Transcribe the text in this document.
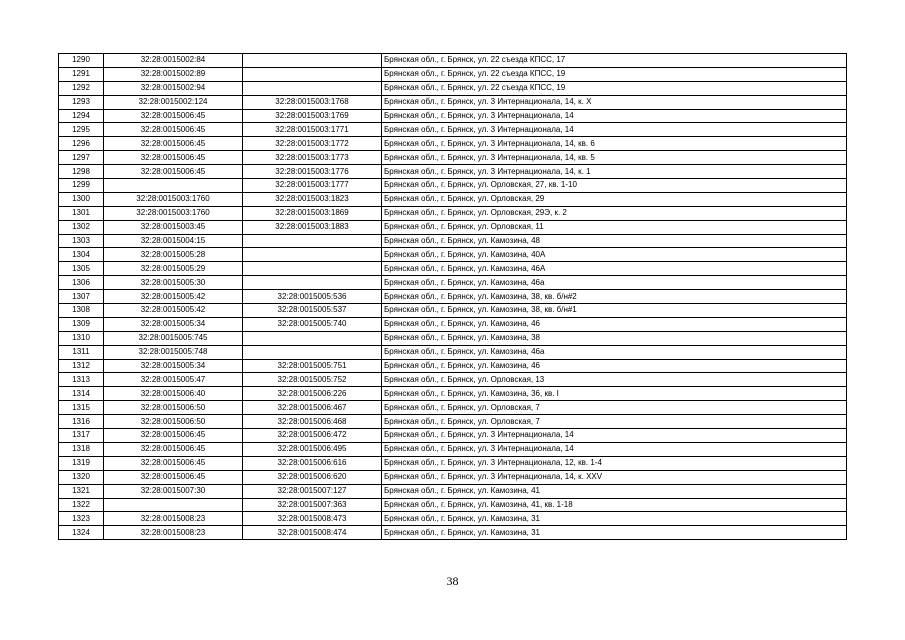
1290	32:28:0015002:84		Брянская обл., г. Брянск, ул. 22 съезда КПСС, 17
1291	32:28:0015002:89		Брянская обл., г. Брянск, ул. 22 съезда КПСС, 19
1292	32:28:0015002:94		Брянская обл., г. Брянск, ул. 22 съезда КПСС, 19
1293	32:28:0015002:124	32:28:0015003:1768	Брянская обл., г. Брянск, ул. 3 Интернационала, 14, к. Х
1294	32:28:0015006:45	32:28:0015003:1769	Брянская обл., г. Брянск, ул. 3 Интернационала, 14
1295	32:28:0015006:45	32:28:0015003:1771	Брянская обл., г. Брянск, ул. 3 Интернационала, 14
1296	32:28:0015006:45	32:28:0015003:1772	Брянская обл., г. Брянск, ул. 3 Интернационала, 14, кв. 6
1297	32:28:0015006:45	32:28:0015003:1773	Брянская обл., г. Брянск, ул. 3 Интернационала, 14, кв. 5
1298	32:28:0015006:45	32:28:0015003:1776	Брянская обл., г. Брянск, ул. 3 Интернационала, 14, к. 1
1299		32:28:0015003:1777	Брянская обл., г. Брянск, ул. Орловская, 27, кв. 1-10
1300	32:28:0015003:1760	32:28:0015003:1823	Брянская обл., г. Брянск, ул. Орловская, 29
1301	32:28:0015003:1760	32:28:0015003:1869	Брянская обл., г. Брянск, ул. Орловская, 29Э, к. 2
1302	32:28:0015003:45	32:28:0015003:1883	Брянская обл., г. Брянск, ул. Орловская, 11
1303	32:28:0015004:15		Брянская обл., г. Брянск, ул. Камозина, 48
1304	32:28:0015005:28		Брянская обл., г. Брянск, ул. Камозина, 40А
1305	32:28:0015005:29		Брянская обл., г. Брянск, ул. Камозина, 46А
1306	32:28:0015005:30		Брянская обл., г. Брянск, ул. Камозина, 46а
1307	32:28:0015005:42	32:28:0015005:536	Брянская обл., г. Брянск, ул. Камозина, 38, кв. б/н#2
1308	32:28:0015005:42	32:28:0015005:537	Брянская обл., г. Брянск, ул. Камозина, 38, кв. б/н#1
1309	32:28:0015005:34	32:28:0015005:740	Брянская обл., г. Брянск, ул. Камозина, 46
1310	32:28:0015005:745		Брянская обл., г. Брянск, ул. Камозина, 38
1311	32:28:0015005:748		Брянская обл., г. Брянск, ул. Камозина, 46а
1312	32:28:0015005:34	32:28:0015005:751	Брянская обл., г. Брянск, ул. Камозина, 46
1313	32:28:0015005:47	32:28:0015005:752	Брянская обл., г. Брянск, ул. Орловская, 13
1314	32:28:0015006:40	32:28:0015006:226	Брянская обл., г. Брянск, ул. Камозина, 36, кв. I
1315	32:28:0015006:50	32:28:0015006:467	Брянская обл., г. Брянск, ул. Орловская, 7
1316	32:28:0015006:50	32:28:0015006:468	Брянская обл., г. Брянск, ул. Орловская, 7
1317	32:28:0015006:45	32:28:0015006:472	Брянская обл., г. Брянск, ул. 3 Интернационала, 14
1318	32:28:0015006:45	32:28:0015006:495	Брянская обл., г. Брянск, ул. 3 Интернационала, 14
1319	32:28:0015006:45	32:28:0015006:616	Брянская обл., г. Брянск, ул. 3 Интернационала, 12, кв. 1-4
1320	32:28:0015006:45	32:28:0015006:620	Брянская обл., г. Брянск, ул. 3 Интернационала, 14, к. XXV
1321	32:28:0015007:30	32:28:0015007:127	Брянская обл., г. Брянск, ул. Камозина, 41
1322		32:28:0015007:363	Брянская обл., г. Брянск, ул. Камозина, 41, кв. 1-18
1323	32:28:0015008:23	32:28:0015008:473	Брянская обл., г. Брянск, ул. Камозина, 31
1324	32:28:0015008:23	32:28:0015008:474	Брянская обл., г. Брянск, ул. Камозина, 31
38
